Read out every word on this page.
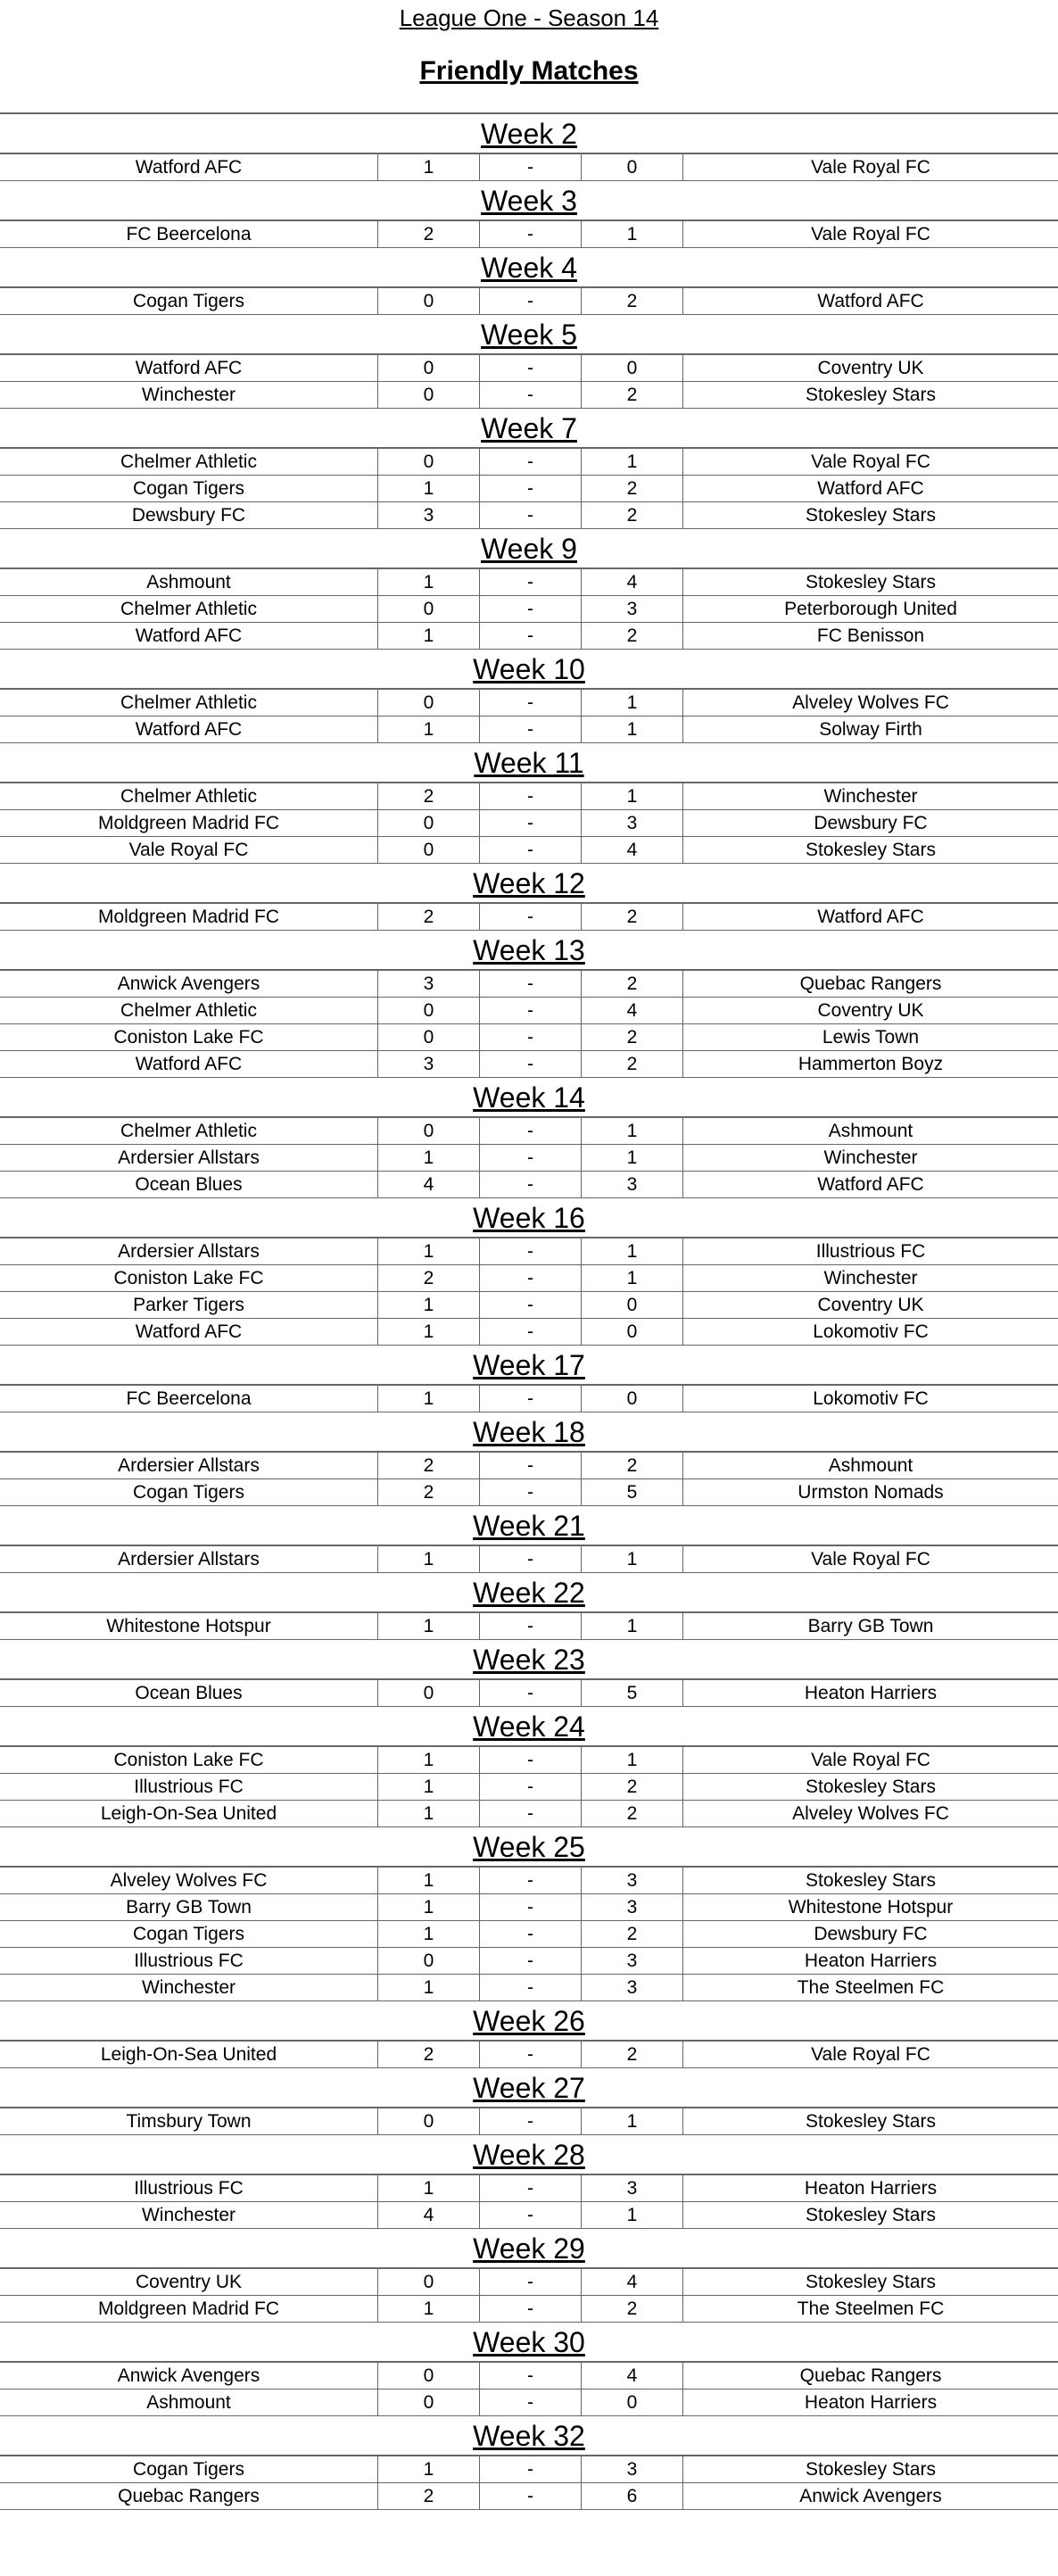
League One - Season 14
Friendly Matches
Week 2
Watford AFC	1	-	0	Vale Royal FC
Week 3
FC Beercelona	2	-	1	Vale Royal FC
Week 4
Cogan Tigers	0	-	2	Watford AFC
Week 5
Watford AFC	0	-	0	Coventry UK
Winchester	0	-	2	Stokesley Stars
Week 7
Chelmer Athletic	0	-	1	Vale Royal FC
Cogan Tigers	1	-	2	Watford AFC
Dewsbury FC	3	-	2	Stokesley Stars
Week 9
Ashmount	1	-	4	Stokesley Stars
Chelmer Athletic	0	-	3	Peterborough United
Watford AFC	1	-	2	FC Benisson
Week 10
Chelmer Athletic	0	-	1	Alveley Wolves FC
Watford AFC	1	-	1	Solway Firth
Week 11
Chelmer Athletic	2	-	1	Winchester
Moldgreen Madrid FC	0	-	3	Dewsbury FC
Vale Royal FC	0	-	4	Stokesley Stars
Week 12
Moldgreen Madrid FC	2	-	2	Watford AFC
Week 13
Anwick Avengers	3	-	2	Quebac Rangers
Chelmer Athletic	0	-	4	Coventry UK
Coniston Lake FC	0	-	2	Lewis Town
Watford AFC	3	-	2	Hammerton Boyz
Week 14
Chelmer Athletic	0	-	1	Ashmount
Ardersier Allstars	1	-	1	Winchester
Ocean Blues	4	-	3	Watford AFC
Week 16
Ardersier Allstars	1	-	1	Illustrious FC
Coniston Lake FC	2	-	1	Winchester
Parker Tigers	1	-	0	Coventry UK
Watford AFC	1	-	0	Lokomotiv FC
Week 17
FC Beercelona	1	-	0	Lokomotiv FC
Week 18
Ardersier Allstars	2	-	2	Ashmount
Cogan Tigers	2	-	5	Urmston Nomads
Week 21
Ardersier Allstars	1	-	1	Vale Royal FC
Week 22
Whitestone Hotspur	1	-	1	Barry GB Town
Week 23
Ocean Blues	0	-	5	Heaton Harriers
Week 24
Coniston Lake FC	1	-	1	Vale Royal FC
Illustrious FC	1	-	2	Stokesley Stars
Leigh-On-Sea United	1	-	2	Alveley Wolves FC
Week 25
Alveley Wolves FC	1	-	3	Stokesley Stars
Barry GB Town	1	-	3	Whitestone Hotspur
Cogan Tigers	1	-	2	Dewsbury FC
Illustrious FC	0	-	3	Heaton Harriers
Winchester	1	-	3	The Steelmen FC
Week 26
Leigh-On-Sea United	2	-	2	Vale Royal FC
Week 27
Timsbury Town	0	-	1	Stokesley Stars
Week 28
Illustrious FC	1	-	3	Heaton Harriers
Winchester	4	-	1	Stokesley Stars
Week 29
Coventry UK	0	-	4	Stokesley Stars
Moldgreen Madrid FC	1	-	2	The Steelmen FC
Week 30
Anwick Avengers	0	-	4	Quebac Rangers
Ashmount	0	-	0	Heaton Harriers
Week 32
Cogan Tigers	1	-	3	Stokesley Stars
Quebac Rangers	2	-	6	Anwick Avengers
